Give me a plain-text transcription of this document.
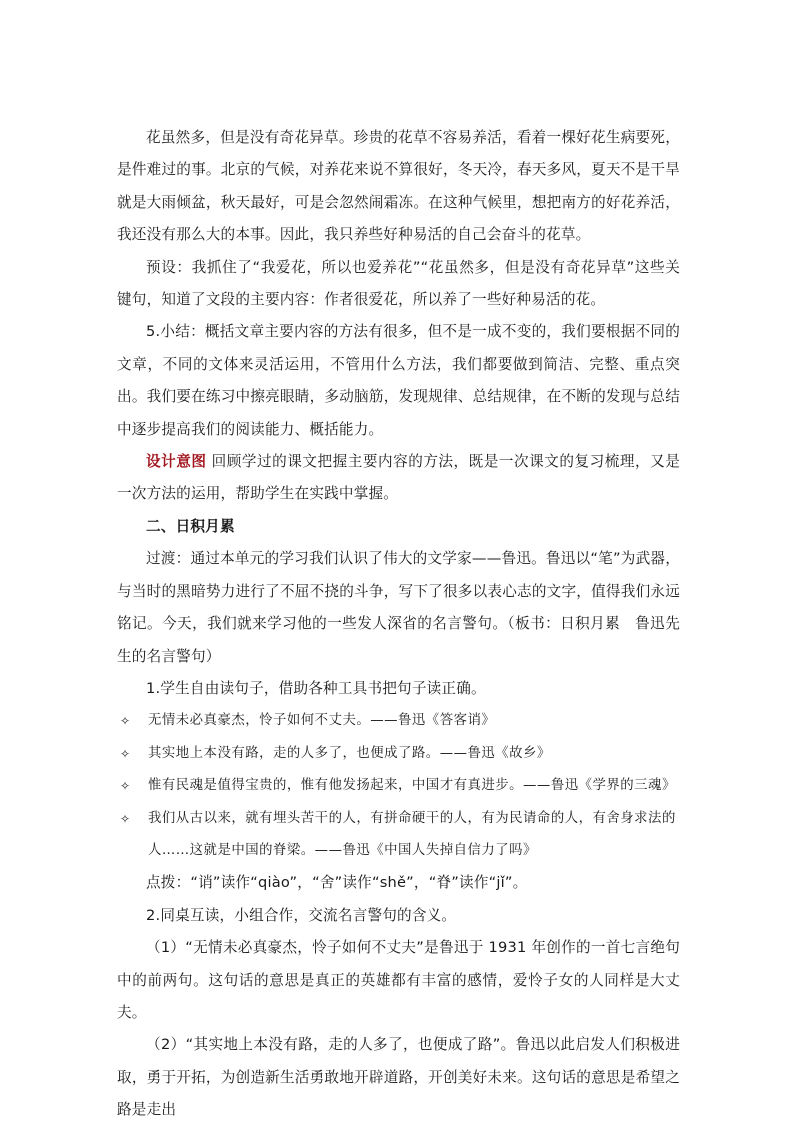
花虽然多，但是没有奇花异草。珍贵的花草不容易养活，看着一棵好花生病要死，是件难过的事。北京的气候，对养花来说不算很好，冬天冷，春天多风，夏天不是干旱就是大雨倾盆，秋天最好，可是会忽然闹霜冻。在这种气候里，想把南方的好花养活，我还没有那么大的本事。因此，我只养些好种易活的自己会奋斗的花草。

预设：我抓住了“我爱花，所以也爱养花”“花虽然多，但是没有奇花异草”这些关键句，知道了文段的主要内容：作者很爱花，所以养了一些好种易活的花。

5.小结：概括文章主要内容的方法有很多，但不是一成不变的，我们要根据不同的文章，不同的文体来灵活运用，不管用什么方法，我们都要做到简洁、完整、重点突出。我们要在练习中擦亮眼睛，多动脑筋，发现规律、总结规律，在不断的发现与总结中逐步提高我们的阅读能力、概括能力。

设计意图 回顾学过的课文把握主要内容的方法，既是一次课文的复习梳理，又是一次方法的运用，帮助学生在实践中掌握。

二、日积月累

过渡：通过本单元的学习我们认识了伟大的文学家——鲁迅。鲁迅以“笔”为武器，与当时的黑暗势力进行了不屈不挠的斗争，写下了很多以表心志的文字，值得我们永远铭记。今天，我们就来学习他的一些发人深省的名言警句。（板书：日积月累　鲁迅先生的名言警句）

1.学生自由读句子，借助各种工具书把句子读正确。

✧ 无情未必真豪杰，怜子如何不丈夫。——鲁迅《答客诮》

✧ 其实地上本没有路，走的人多了，也便成了路。——鲁迅《故乡》

✧ 惟有民魂是值得宝贵的，惟有他发扬起来，中国才有真进步。——鲁迅《学界的三魂》

✧ 我们从古以来，就有埋头苦干的人，有拼命硬干的人，有为民请命的人，有舍身求法的人……这就是中国的脊梁。——鲁迅《中国人失掉自信力了吗》

点拨：“诮”读作“qiào”，“舍”读作“shě”，“脊”读作“jǐ”。

2.同桌互读，小组合作，交流名言警句的含义。

（1）“无情未必真豪杰，怜子如何不丈夫”是鲁迅于 1931 年创作的一首七言绝句中的前两句。这句话的意思是真正的英雄都有丰富的感情，爱怜子女的人同样是大丈夫。

（2）“其实地上本没有路，走的人多了，也便成了路”。鲁迅以此启发人们积极进取，勇于开拓，为创造新生活勇敢地开辟道路，开创美好未来。这句话的意思是希望之路是走出
